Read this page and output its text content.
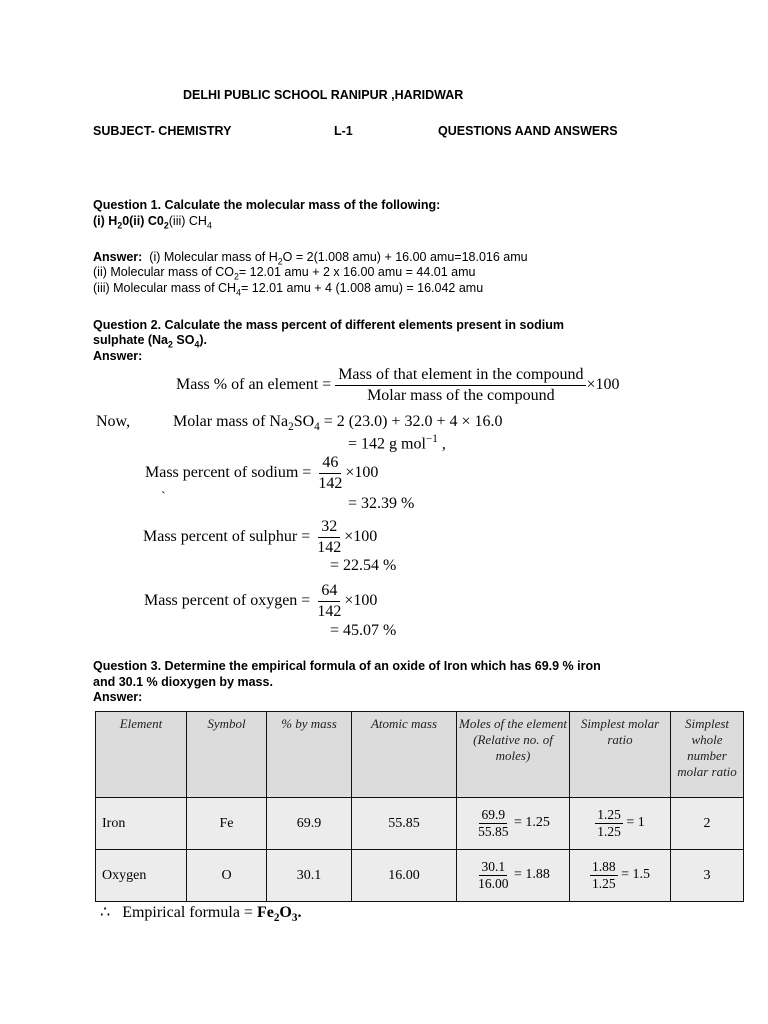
DELHI PUBLIC SCHOOL RANIPUR ,HARIDWAR
SUBJECT- CHEMISTRY	L-1	QUESTIONS AAND ANSWERS
Question 1. Calculate the molecular mass of the following:
(i) $H_20(ii)$ $C0_2(iii)$ $CH_4$
Answer: (i) Molecular mass of $H_2O = 2(1.008$ amu) + 16.00 amu=18.016 amu
(ii) Molecular mass of $CO_2= 12.01$ amu + 2 x 16.00 amu = 44.01 amu
(iii) Molecular mass of $CH_4= 12.01$ amu + 4 (1.008 amu) = 16.042 amu
Question 2. Calculate the mass percent of different elements present in sodium
sulphate ($Na_2$ $SO_4$).
Answer:
Mass % of an element =
$\frac{\text{Mass of that element in the compound}}{\text{Molar mass of the compound}} \times 100$
Now,	Molar mass of $Na_2SO_4 = 2$ (23.0) + 32.0 + 4 × 16.0
= 142 g mol$^{-1}$ ,
Mass percent of sodium =
$\frac{46}{142} \times 100$
ˋ	= 32.39 %
Mass percent of sulphur =
$\frac{32}{142} \times 100$
= 22.54 %
Mass percent of oxygen =
$\frac{64}{142} \times 100$
= 45.07 %
Question 3. Determine the empirical formula of an oxide of Iron which has 69.9 % iron
and 30.1 % dioxygen by mass.
Answer:
Element	Symbol	% by mass	Atomic mass	Moles of the element (Relative no. of moles)	Simplest molar ratio	Simplest whole number molar ratio
Iron	Fe	69.9	55.85	$\frac{69.9}{55.85} = 1.25$	$\frac{1.25}{1.25} = 1$	2
Oxygen	O	30.1	16.00	$\frac{30.1}{16.00} = 1.88$	$\frac{1.88}{1.25} = 1.5$	3
∴ Empirical formula = $Fe_2O_3$.
